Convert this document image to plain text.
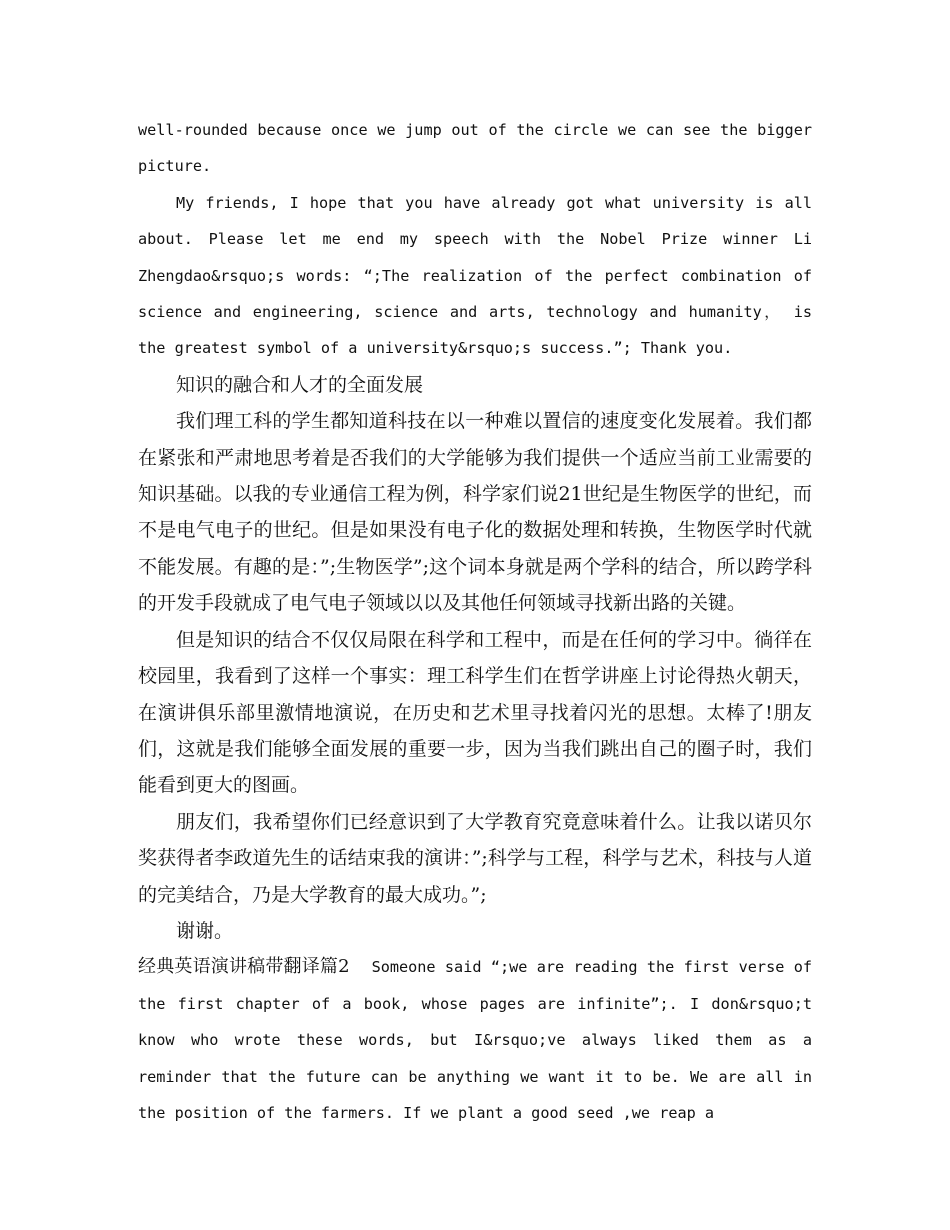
well-rounded because once we jump out of the circle we can see the bigger picture.

My friends, I hope that you have already got what university is all about. Please let me end my speech with the Nobel Prize winner Li Zhengdao&rsquo;s words: “;The realization of the perfect combination of science and engineering, science and arts, technology and humanity， is the greatest symbol of a university&rsquo;s success.”; Thank you.

知识的融合和人才的全面发展

我们理工科的学生都知道科技在以一种难以置信的速度变化发展着。我们都在紧张和严肃地思考着是否我们的大学能够为我们提供一个适应当前工业需要的知识基础。以我的专业通信工程为例，科学家们说21世纪是生物医学的世纪，而不是电气电子的世纪。但是如果没有电子化的数据处理和转换，生物医学时代就不能发展。有趣的是：”;生物医学”;这个词本身就是两个学科的结合，所以跨学科的开发手段就成了电气电子领域以以及其他任何领域寻找新出路的关键。

但是知识的结合不仅仅局限在科学和工程中，而是在任何的学习中。徜徉在校园里，我看到了这样一个事实：理工科学生们在哲学讲座上讨论得热火朝天，在演讲俱乐部里激情地演说，在历史和艺术里寻找着闪光的思想。太棒了!朋友们，这就是我们能够全面发展的重要一步，因为当我们跳出自己的圈子时，我们能看到更大的图画。

朋友们，我希望你们已经意识到了大学教育究竟意味着什么。让我以诺贝尔奖获得者李政道先生的话结束我的演讲：”;科学与工程，科学与艺术，科技与人道的完美结合，乃是大学教育的最大成功。”;

谢谢。

经典英语演讲稿带翻译篇2 Someone said “;we are reading the first verse of the first chapter of a book, whose pages are infinite”;. I don&rsquo;t know who wrote these words, but I&rsquo;ve always liked them as a reminder that the future can be anything we want it to be. We are all in the position of the farmers. If we plant a good seed ,we reap a
